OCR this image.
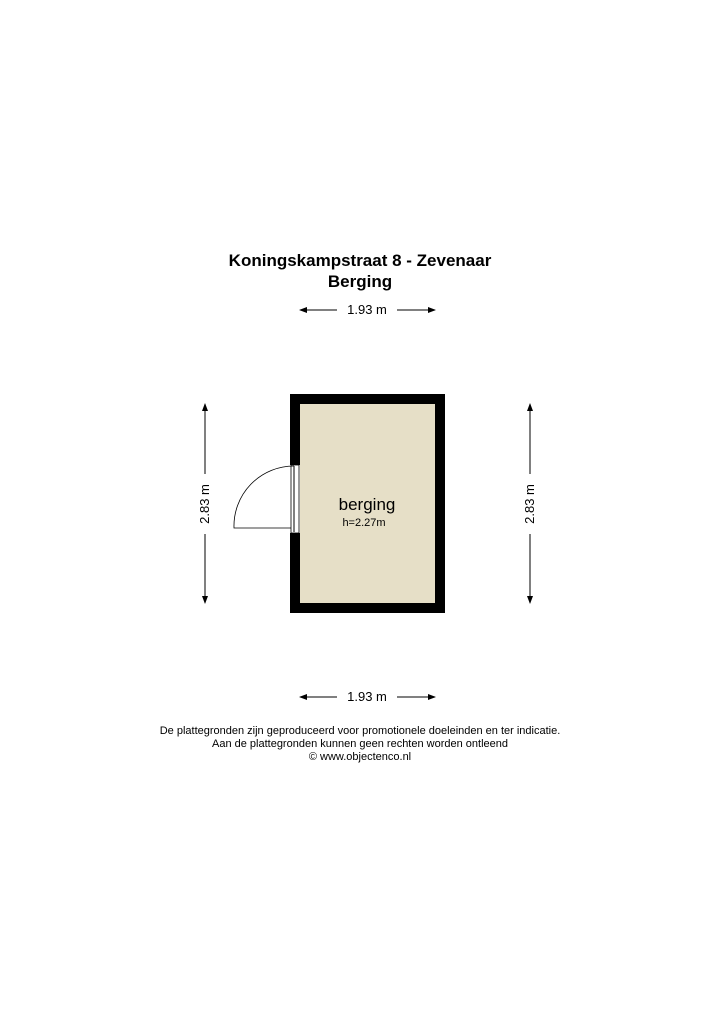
Koningskampstraat 8 - Zevenaar
Berging
berging
h=2.27m
1.93 m
1.93 m
2.83 m	2.83 m
De plattegronden zijn geproduceerd voor promotionele doeleinden en ter indicatie.
Aan de plattegronden kunnen geen rechten worden ontleend
© www.objectenco.nl
